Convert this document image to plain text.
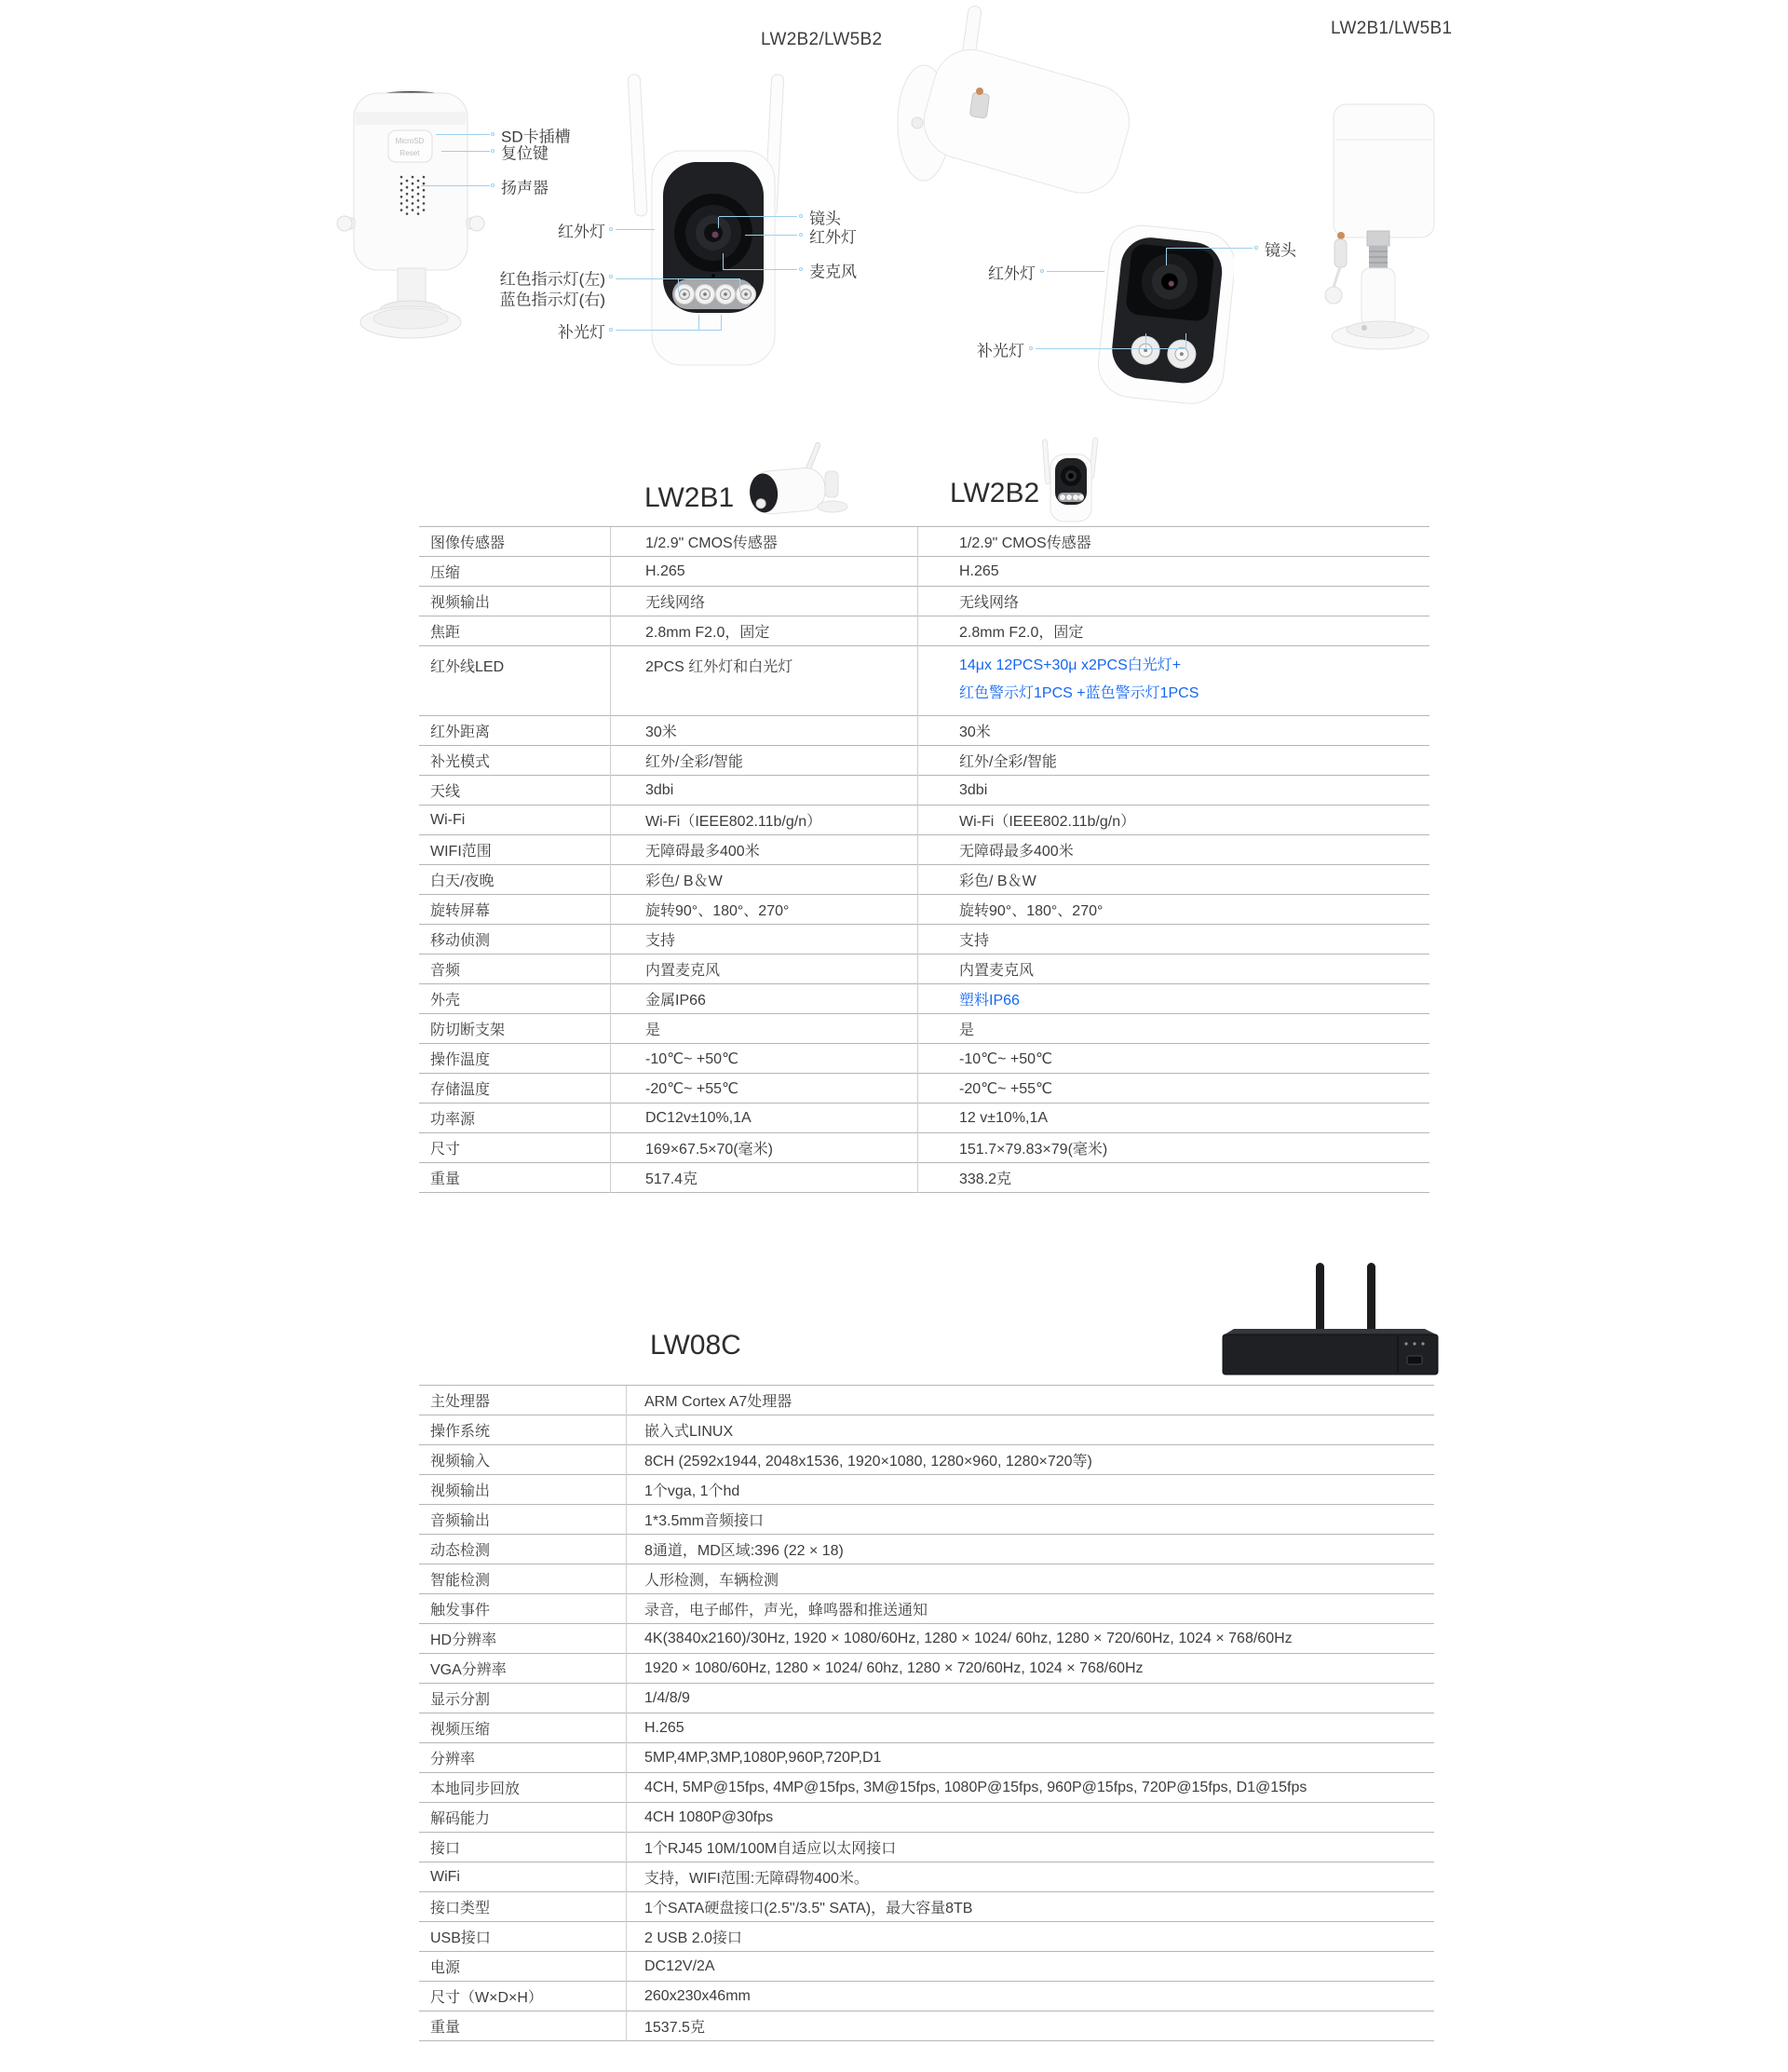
LW2B2/LW5B2
LW2B1/LW5B1
MicroSD
Reset
SD卡插槽
复位键
扬声器
红外灯
红色指示灯(左)
蓝色指示灯(右)
补光灯
镜头
红外灯
麦克风	红外灯
补光灯
镜头
LW2B1	LW2B2
图像传感器	1/2.9" CMOS传感器	1/2.9" CMOS传感器
压缩	H.265	H.265
视频输出	无线网络	无线网络
焦距	2.8mm F2.0，固定	2.8mm F2.0，固定
红外线LED	2PCS 红外灯和白光灯	14μx 12PCS+30μ x2PCS白光灯+
红色警示灯1PCS +蓝色警示灯1PCS
红外距离	30米	30米
补光模式	红外/全彩/智能	红外/全彩/智能
天线	3dbi	3dbi
Wi-Fi	Wi-Fi（IEEE802.11b/g/n）	Wi-Fi（IEEE802.11b/g/n）
WIFI范围	无障碍最多400米	无障碍最多400米
白天/夜晚	彩色/ B＆W	彩色/ B＆W
旋转屏幕	旋转90°、180°、270°	旋转90°、180°、270°
移动侦测	支持	支持
音频	内置麦克风	内置麦克风
外壳	金属IP66	塑料IP66
防切断支架	是	是
操作温度	-10℃~ +50℃	-10℃~ +50℃
存储温度	-20℃~ +55℃	-20℃~ +55℃
功率源	DC12v±10%,1A	12 v±10%,1A
尺寸	169×67.5×70(毫米)	151.7×79.83×79(毫米)
重量	517.4克	338.2克
LW08C
主处理器	ARM Cortex A7处理器
操作系统	嵌入式LINUX
视频输入	8CH (2592x1944, 2048x1536, 1920×1080, 1280×960, 1280×720等)
视频输出	1个vga, 1个hd
音频输出	1*3.5mm音频接口
动态检测	8通道，MD区域:396 (22 × 18)
智能检测	人形检测，车辆检测
触发事件	录音，电子邮件，声光，蜂鸣器和推送通知
HD分辨率	4K(3840x2160)/30Hz, 1920 × 1080/60Hz, 1280 × 1024/ 60hz, 1280 × 720/60Hz, 1024 × 768/60Hz
VGA分辨率	1920 × 1080/60Hz, 1280 × 1024/ 60hz, 1280 × 720/60Hz, 1024 × 768/60Hz
显示分割	1/4/8/9
视频压缩	H.265
分辨率	5MP,4MP,3MP,1080P,960P,720P,D1
本地同步回放	4CH, 5MP@15fps, 4MP@15fps, 3M@15fps, 1080P@15fps, 960P@15fps, 720P@15fps, D1@15fps
解码能力	4CH 1080P@30fps
接口	1个RJ45 10M/100M自适应以太网接口
WiFi	支持，WIFI范围:无障碍物400米。
接口类型	1个SATA硬盘接口(2.5"/3.5" SATA)，最大容量8TB
USB接口	2 USB 2.0接口
电源	DC12V/2A
尺寸（W×D×H）	260x230x46mm
重量	1537.5克
